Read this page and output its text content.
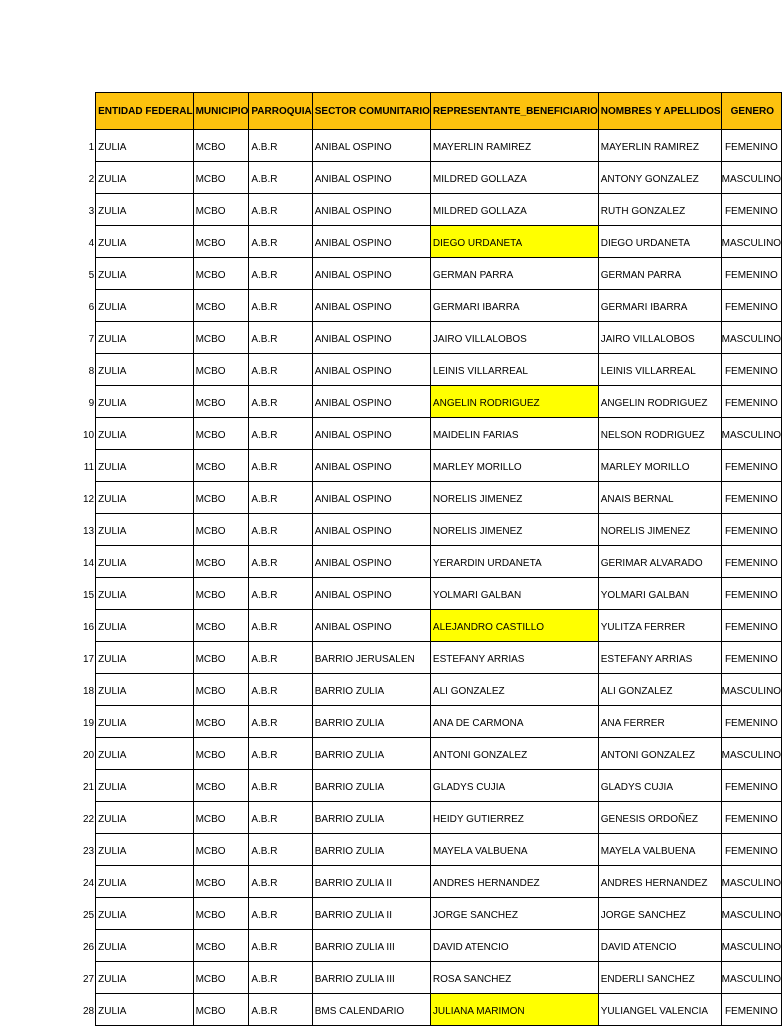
	ENTIDAD FEDERAL	MUNICIPIO	PARROQUIA	SECTOR COMUNITARIO	REPRESENTANTE_BENEFICIARIO	NOMBRES Y APELLIDOS	GENERO
1	ZULIA	MCBO	A.B.R	ANIBAL OSPINO	MAYERLIN RAMIREZ	MAYERLIN RAMIREZ	FEMENINO
2	ZULIA	MCBO	A.B.R	ANIBAL OSPINO	MILDRED GOLLAZA	ANTONY GONZALEZ	MASCULINO
3	ZULIA	MCBO	A.B.R	ANIBAL OSPINO	MILDRED GOLLAZA	RUTH GONZALEZ	FEMENINO
4	ZULIA	MCBO	A.B.R	ANIBAL OSPINO	DIEGO URDANETA	DIEGO URDANETA	MASCULINO
5	ZULIA	MCBO	A.B.R	ANIBAL OSPINO	GERMAN PARRA	GERMAN PARRA	FEMENINO
6	ZULIA	MCBO	A.B.R	ANIBAL OSPINO	GERMARI IBARRA	GERMARI IBARRA	FEMENINO
7	ZULIA	MCBO	A.B.R	ANIBAL OSPINO	JAIRO VILLALOBOS	JAIRO VILLALOBOS	MASCULINO
8	ZULIA	MCBO	A.B.R	ANIBAL OSPINO	LEINIS VILLARREAL	LEINIS VILLARREAL	FEMENINO
9	ZULIA	MCBO	A.B.R	ANIBAL OSPINO	ANGELIN RODRIGUEZ	ANGELIN RODRIGUEZ	FEMENINO
10	ZULIA	MCBO	A.B.R	ANIBAL OSPINO	MAIDELIN FARIAS	NELSON RODRIGUEZ	MASCULINO
11	ZULIA	MCBO	A.B.R	ANIBAL OSPINO	MARLEY MORILLO	MARLEY MORILLO	FEMENINO
12	ZULIA	MCBO	A.B.R	ANIBAL OSPINO	NORELIS JIMENEZ	ANAIS BERNAL	FEMENINO
13	ZULIA	MCBO	A.B.R	ANIBAL OSPINO	NORELIS JIMENEZ	NORELIS JIMENEZ	FEMENINO
14	ZULIA	MCBO	A.B.R	ANIBAL OSPINO	YERARDIN URDANETA	GERIMAR ALVARADO	FEMENINO
15	ZULIA	MCBO	A.B.R	ANIBAL OSPINO	YOLMARI GALBAN	YOLMARI GALBAN	FEMENINO
16	ZULIA	MCBO	A.B.R	ANIBAL OSPINO	ALEJANDRO CASTILLO	YULITZA FERRER	FEMENINO
17	ZULIA	MCBO	A.B.R	BARRIO JERUSALEN	ESTEFANY ARRIAS	ESTEFANY ARRIAS	FEMENINO
18	ZULIA	MCBO	A.B.R	BARRIO ZULIA	ALI GONZALEZ	ALI GONZALEZ	MASCULINO
19	ZULIA	MCBO	A.B.R	BARRIO ZULIA	ANA DE CARMONA	ANA FERRER	FEMENINO
20	ZULIA	MCBO	A.B.R	BARRIO ZULIA	ANTONI GONZALEZ	ANTONI GONZALEZ	MASCULINO
21	ZULIA	MCBO	A.B.R	BARRIO ZULIA	GLADYS CUJIA	GLADYS CUJIA	FEMENINO
22	ZULIA	MCBO	A.B.R	BARRIO ZULIA	HEIDY GUTIERREZ	GENESIS ORDOÑEZ	FEMENINO
23	ZULIA	MCBO	A.B.R	BARRIO ZULIA	MAYELA VALBUENA	MAYELA VALBUENA	FEMENINO
24	ZULIA	MCBO	A.B.R	BARRIO ZULIA II	ANDRES HERNANDEZ	ANDRES HERNANDEZ	MASCULINO
25	ZULIA	MCBO	A.B.R	BARRIO ZULIA II	JORGE SANCHEZ	JORGE SANCHEZ	MASCULINO
26	ZULIA	MCBO	A.B.R	BARRIO ZULIA III	DAVID ATENCIO	DAVID ATENCIO	MASCULINO
27	ZULIA	MCBO	A.B.R	BARRIO ZULIA III	ROSA SANCHEZ	ENDERLI SANCHEZ	MASCULINO
28	ZULIA	MCBO	A.B.R	BMS CALENDARIO	JULIANA MARIMON	YULIANGEL VALENCIA	FEMENINO
